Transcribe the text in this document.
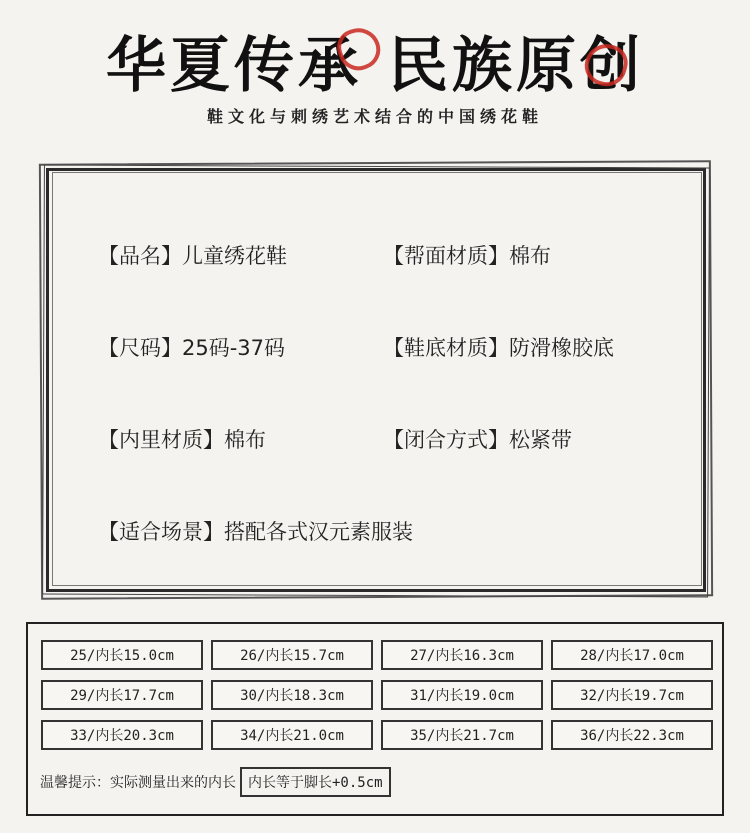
华夏传承 民族原创
鞋文化与刺绣艺术结合的中国绣花鞋
【品名】儿童绣花鞋	【帮面材质】棉布
【尺码】25码-37码	【鞋底材质】防滑橡胶底
【内里材质】棉布	【闭合方式】松紧带
【适合场景】搭配各式汉元素服装
25/内长15.0cm	26/内长15.7cm	27/内长16.3cm	28/内长17.0cm
29/内长17.7cm	30/内长18.3cm	31/内长19.0cm	32/内长19.7cm
33/内长20.3cm	34/内长21.0cm	35/内长21.7cm	36/内长22.3cm
温馨提示：实际测量出来的内长 内长等于脚长+0.5cm
